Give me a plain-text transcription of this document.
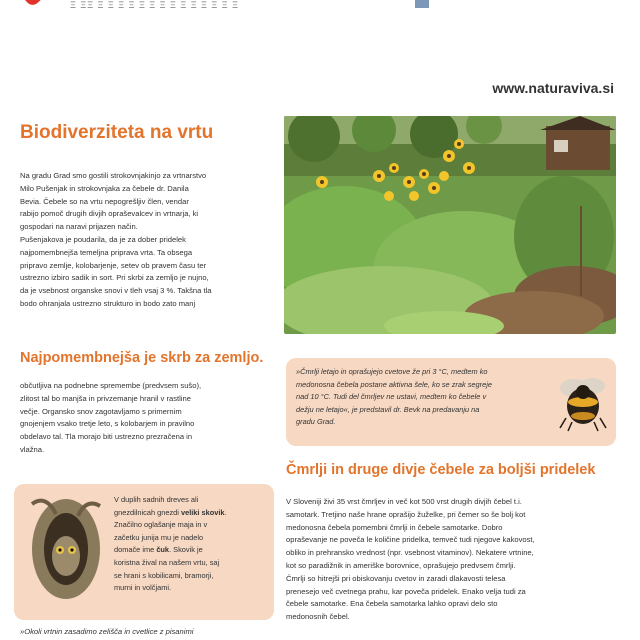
Ξ ΞΞ Ξ Ξ Ξ Ξ Ξ Ξ Ξ Ξ Ξ Ξ Ξ Ξ Ξ Ξ
www.naturaviva.si
Biodiverziteta na vrtu

Na gradu Grad smo gostili strokovnjakinjo za vrtnarstvo

Milo Pušenjak in strokovnjaka za čebele dr. Danila

Beviа. Čebele so na vrtu nepogrešljiv člen, vendar

rabijo pomoč drugih divjih opraševalcev in vrtnarja, ki

gospodari na naravi prijazen način.

Pušenjakova je poudarila, da je za dober pridelek

najpomembnejša temeljna priprava vrta. Ta obsega

pripravo zemlje, kolobarjenje, setev ob pravem času ter

ustrezno izbiro sadik in sort. Pri skrbi za zemljo je nujno,

da je vsebnost organske snovi v tleh vsaj 3 %. Takšna tla

bodo ohranjala ustrezno strukturo in bodo zato manj

Najpomembnejša je skrb za zemljo.

občutljiva na podnebne spremembe (predvsem sušo),

zlitost tal bo manjša in privzemanje hranil v rastline

večje. Organsko snov zagotavljamo s primernim

gnojenjem vsako tretje leto, s kolobarjem in pravilno

obdelavo tal. Tla morajo biti ustrezno prezračena in

vlažna.

V duplih sadnih dreves ali
gnezdilnicah gnezdi veliki skovik.
Značilno oglašanje maja in v
začetku junija mu je nadelo
domače ime čuk. Skovik je
koristna žival na našem vrtu, saj
se hrani s kobilicami, bramorji,
murni in volčjami.
»Okoli vrtnin zasadimo zelišča in cvetlice z pisanimi
»Čmrlji letajo in oprašujejo cvetove že pri 3 °C, medtem ko
medonosna čebela postane aktivna šele, ko se zrak segreje
nad 10 °C. Tudi del čmrljev ne ustavi, medtem ko čebele v
dežju ne letajo«, je predstavil dr. Bevk na predavanju na
gradu Grad.
Čmrlji in druge divje čebele za boljši pridelek

V Sloveniji živi 35 vrst čmrljev in več kot 500 vrst drugih divjih čebel t.i.

samotark. Tretjino naše hrane oprašijo žuželke, pri čemer so še bolj kot

medonosna čebela pomembni čmrlji in čebele samotarke. Dobro

opraševanje ne poveča le količine pridelka, temveč tudi njegove kakovost,

obliko in prehransko vrednost (npr. vsebnost vitaminov). Nekatere vrtnine,

kot so paradižnik in ameriške borovnice, oprašujejo predvsem čmrlji.

Čmrlji so hitrejši pri obiskovanju cvetov in zaradi dlakavosti telesa

prenesejo več cvetnega prahu, kar poveča pridelek. Enako velja tudi za

čebele samotarke. Ena čebela samotarka lahko opravi delo sto

medonosnih čebel.
